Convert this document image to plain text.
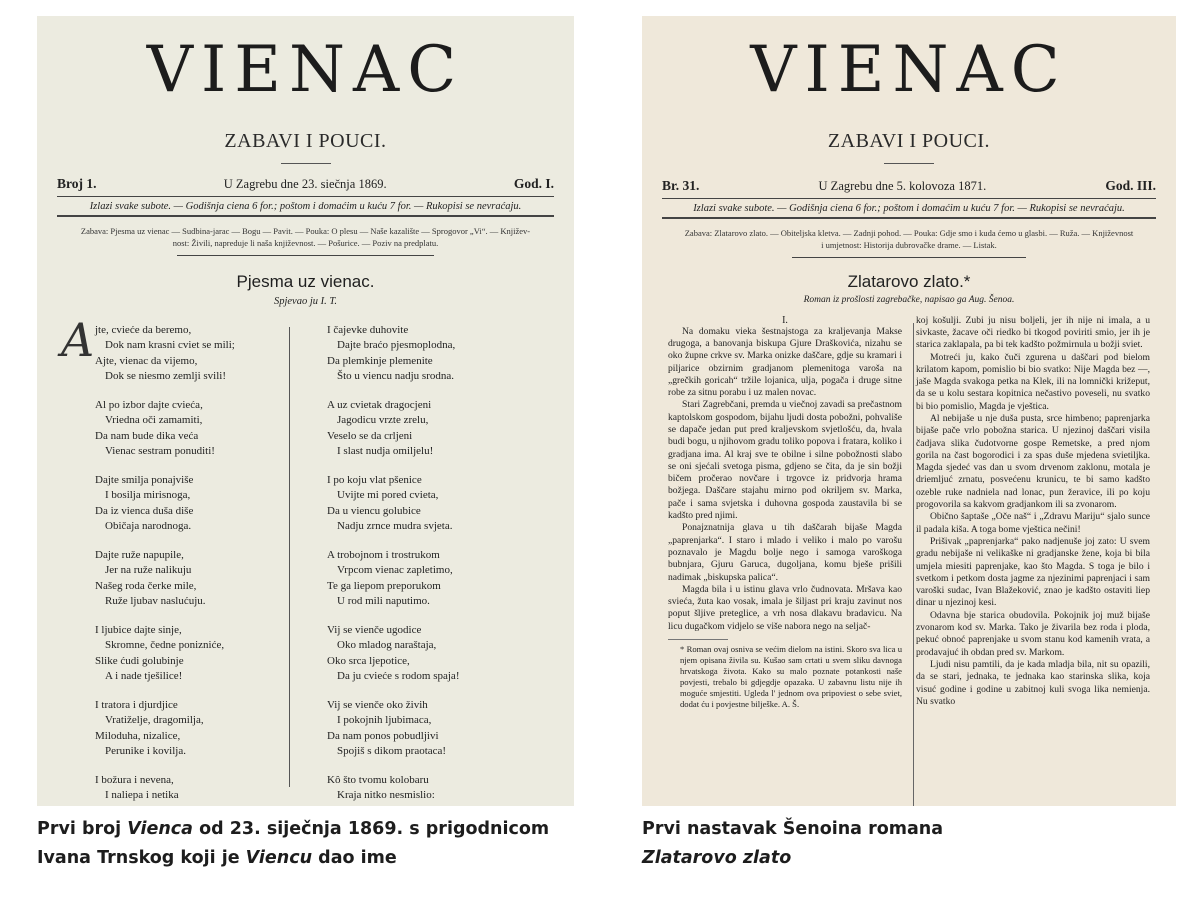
VIENAC
ZABAVI I POUCI.
Broj 1.	U Zagrebu dne 23. siečnja 1869.	God. I.
Izlazi svake subote. — Godišnja ciena 6 for.; poštom i domaćim u kuću 7 for. — Rukopisi se nevraćaju.
Zabava: Pjesma uz vienac — Sudbina-jarac — Bogu — Pavit. — Pouka: O plesu — Naše kazalište — Sprogovor „Vi“. — Književ-
nost: Živili, napreduje li naša književnost. — Pošurice. — Poziv na predplatu.
Pjesma uz vienac.
Spjevao ju I. T.
A jte, cvieće da beremo,
Dok nam krasni cviet se mili;
Ajte, vienac da vijemo,
Dok se niesmo zemlji svili!
Al po izbor dajte cvieća,
Vriedna oči zamamiti,
Da nam bude dika veća
Vienac sestram ponuditi!
Dajte smilja ponajviše
I bosilja mirisnoga,
Da iz vienca duša diše
Običaja narodnoga.
Dajte ruže napupile,
Jer na ruže nalikuju
Našeg roda čerke mile,
Ruže ljubav naslućuju.
I ljubice dajte sinje,
Skromne, čedne ponizniće,
Slike ćudi golubinje
A i nade tješilice!
I tratora i djurdjice
Vratiželje, dragomilja,
Miloduha, nizalice,
Perunike i kovilja.
I božura i nevena,
I naliepa i netika
I čajevke duhovite
Dajte braćo pjesmoplodna,
Da plemkinje plemenite
Što u viencu nadju srodna.
A uz cvietak dragocjeni
Jagodicu vrzte zrelu,
Veselo se da crljeni
I slast nudja omiljelu!
I po koju vlat pšenice
Uvijte mi pored cvieta,
Da u viencu golubice
Nadju zrnce mudra svjeta.
A trobojnom i trostrukom
Vrpcom vienac zapletimo,
Te ga liepom preporukom
U rod mili naputimo.
Vij se vienče ugodice
Oko mladog naraštaja,
Oko srca ljepotice,
Da ju cvieće s rodom spaja!
Vij se vienče oko živih
I pokojnih ljubimaca,
Da nam ponos pobudljivi
Spojiš s dikom praotaca!
Kô što tvomu kolobaru
Kraja nitko nesmislio:
VIENAC
ZABAVI I POUCI.
Br. 31.	U Zagrebu dne 5. kolovoza 1871.	God. III.
Izlazi svake subote. — Godišnja ciena 6 for.; poštom i domaćim u kuću 7 for. — Rukopisi se nevraćaju.
Zabava: Zlatarovo zlato. — Obiteljska kletva. — Zadnji pohod. — Pouka: Gdje smo i kuda ćemo u glasbi. — Ruža. — Književnost
i umjetnost: Historija dubrovačke drame. — Listak.
Zlatarovo zlato.*
Roman iz prošlosti zagrebačke, napisao ga Aug. Šenoa.
I.

Na domaku vieka šestnajstoga za kraljevanja Makse drugoga, a banovanja biskupa Gjure Draškovića, nizahu se oko župne crkve sv. Marka onizke daščare, gdje su kramari i piljarice obzirnim gradjanom plemenitoga varoša na „grečkih goricah“ tržile lojanica, ulja, pogača i druge sitne robe za sitnu porabu i uz malen novac.

Stari Zagrebčani, premda u viečnoj zavadi sa prečastnom kaptolskom gospodom, bijahu ljudi dosta pobožni, pohvališe se dapače jedan put pred kraljevskom svjetlošću, da, hvala budi bogu, u njihovom gradu toliko popova i fratara, koliko i gradjana ima. Al kraj sve te obilne i silne pobožnosti slabo se oni sjećali svetoga pisma, gdjeno se čita, da je sin božji bičem pročerao novčare i trgovce iz pridvorja hrama božjega. Daščare stajahu mirno pod okriljem sv. Marka, pače i sama svjetska i duhovna gospoda zaustavila bi se kadšto pred njimi.

Ponajznatnija glava u tih daščarah bijaše Magda „paprenjarka“. I staro i mlado i veliko i malo po varošu poznavalo je Magdu bolje nego i samoga varoškoga bubnjara, Gjuru Garuca, dugoljana, komu bješe prišili nadimak „biskupska palica“.

Magda bila i u istinu glava vrlo čudnovata. Mršava kao svieća, žuta kao vosak, imala je šiljast pri kraju zavinut nos poput šljive preteglice, a vrh nosa dlakavu bradavicu. Na licu dugačkom vidjelo se više nabora nego na seljač-

* Roman ovaj osniva se većim dielom na istini. Skoro sva lica u njem opisana živila su. Kušao sam crtati u svem sliku davnoga hrvatskoga života. Kako su malo poznate potankosti naše povjesti, trebalo bi gdjegdje opazaka. U zabavnu listu nije ih moguće smjestiti. Ugleda l' jednom ova pripoviest o sebe sviet, dodat ću i povjestne bilješke. A. Š.

koj košulji. Zubi ju nisu boljeli, jer ih nije ni imala, a u sivkaste, žacave oči riedko bi tkogod poviriti smio, jer ih je starica zaklapala, pa bi tek kadšto požmirnula u božji sviet.

Motreći ju, kako čuči zgurena u daščari pod bielom krilatom kapom, pomislio bi bio svatko: Nije Magda bez —, jaše Magda svakoga petka na Klek, ili na lomnički križeput, da se u kolu sestara kopitnica nečastivo poveseli, nu svatko bi bio pomislio, Magda je vještica.

Al nebijaše u nje duša pusta, srce himbeno; paprenjarka bijaše pače vrlo pobožna starica. U njezinoj daščari visila čadjava slika čudotvorne gospe Remetske, a pred njom gorila na čast bogorodici i za spas duše mjedena svietiljka. Magda sjedeć vas dan u svom drvenom zaklonu, motala je driemljuć zrnatu, posvećenu krunicu, te bi samo kadšto ozeble ruke nadniela nad lonac, pun žeravice, ili po koju progovorila sa kakvom gradjankom ili sa zvonarom.

Obično šaptaše „Oče naš“ i „Zdravu Mariju“ sjalo sunce il padala kiša. A toga bome vještica nečini!

Prišivak „paprenjarka“ pako nadjenuše joj zato: U svem gradu nebijaše ni velikaške ni gradjanske žene, koja bi bila umjela miesiti paprenjake, kao što Magda. S toga je bilo i svetkom i petkom dosta jagme za njezinimi paprenjaci i sam varoški sudac, Ivan Blažeković, znao je kadšto ostaviti liep dinar u njezinoj kesi.

Odavna bje starica obudovila. Pokojnik joj muž bijaše zvonarom kod sv. Marka. Tako je živarila bez roda i ploda, pekuć obnoć paprenjake u svom stanu kod kamenih vrata, a prodavajuć ih obdan pred sv. Markom.

Ljudi nisu pamtili, da je kada mladja bila, nit su opazili, da se stari, jednaka, te jednaka kao starinska slika, koja visuć godine i godine u zabitnoj kuli svoga lika nemienja. Nu svatko

Prvi broj Vienca od 23. siječnja 1869. s prigodnicom Ivana Trnskog koji je Viencu dao ime

Prvi nastavak Šenoina romana
Zlatarovo zlato
